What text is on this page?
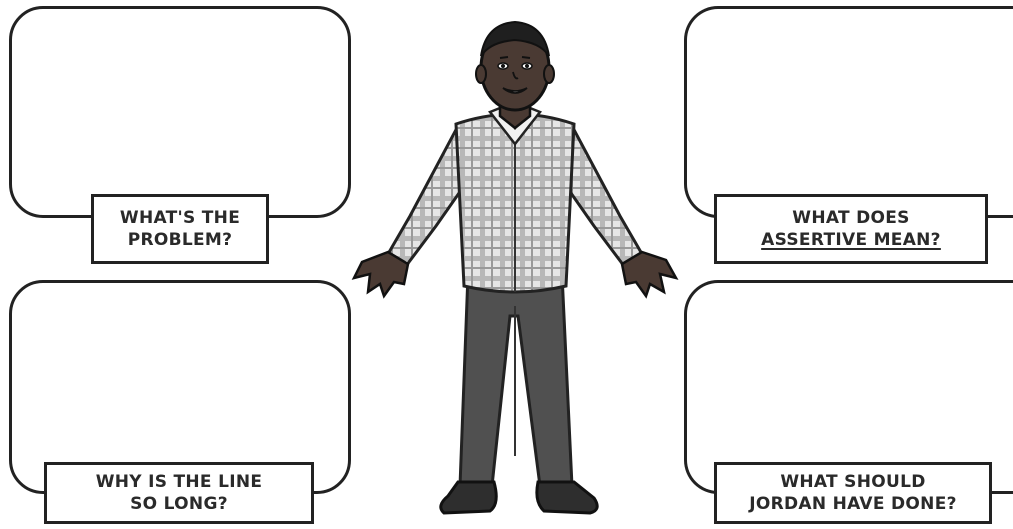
WHAT'S THE
PROBLEM?
WHAT DOES
ASSERTIVE MEAN?
WHY IS THE LINE
SO LONG?
WHAT SHOULD
JORDAN HAVE DONE?
